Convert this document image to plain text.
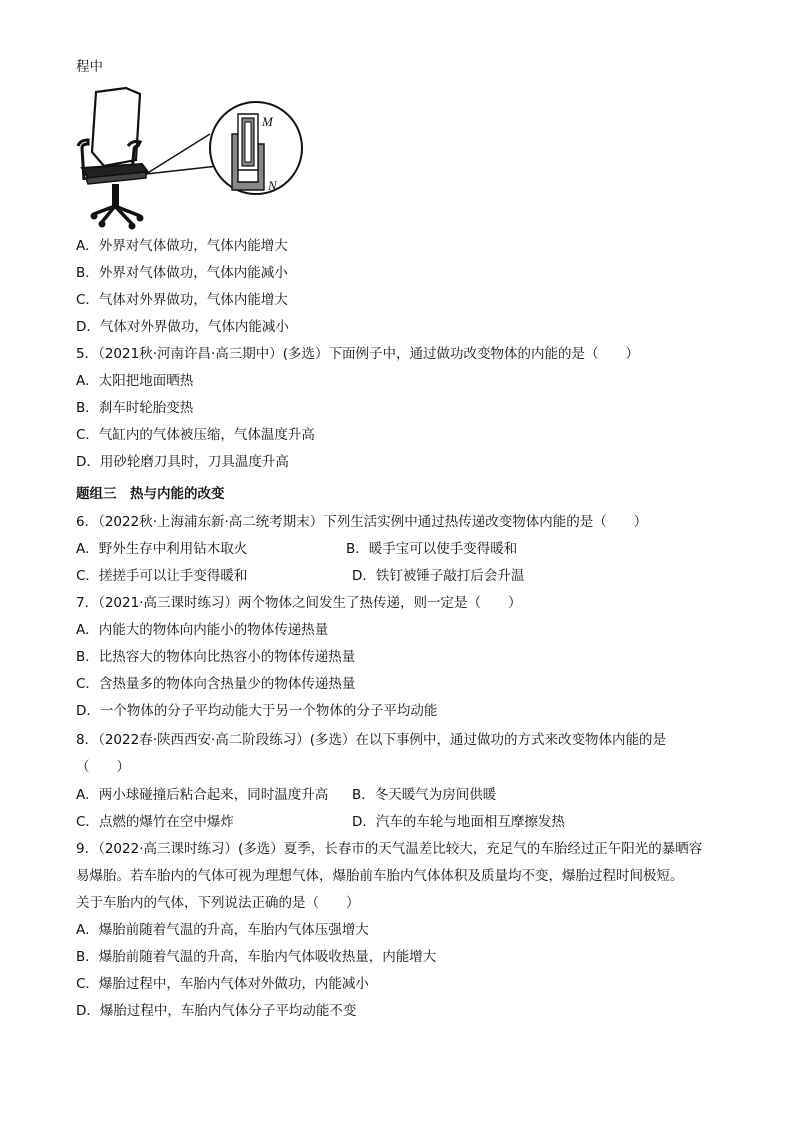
程中
M
N
A．外界对气体做功，气体内能增大
B．外界对气体做功，气体内能减小
C．气体对外界做功，气体内能增大
D．气体对外界做功，气体内能减小
5．（2021秋·河南许昌·高三期中）(多选）下面例子中，通过做功改变物体的内能的是（　　）
A．太阳把地面晒热
B．刹车时轮胎变热
C．气缸内的气体被压缩，气体温度升高
D．用砂轮磨刀具时，刀具温度升高
题组三　热与内能的改变
6．（2022秋·上海浦东新·高二统考期末）下列生活实例中通过热传递改变物体内能的是（　　）
A．野外生存中利用钻木取火	B．暖手宝可以使手变得暖和
C．搓搓手可以让手变得暖和	D．铁钉被锤子敲打后会升温
7．（2021·高三课时练习）两个物体之间发生了热传递，则一定是（　　）
A．内能大的物体向内能小的物体传递热量
B．比热容大的物体向比热容小的物体传递热量
C．含热量多的物体向含热量少的物体传递热量
D．一个物体的分子平均动能大于另一个物体的分子平均动能
8．（2022春·陕西西安·高二阶段练习）(多选）在以下事例中，通过做功的方式来改变物体内能的是
（　　）
A．两小球碰撞后粘合起来，同时温度升高 B．冬天暖气为房间供暖
C．点燃的爆竹在空中爆炸	D．汽车的车轮与地面相互摩擦发热
9．（2022·高三课时练习）(多选）夏季，长春市的天气温差比较大，充足气的车胎经过正午阳光的暴晒容
易爆胎。若车胎内的气体可视为理想气体，爆胎前车胎内气体体积及质量均不变，爆胎过程时间极短。
关于车胎内的气体，下列说法正确的是（　　）
A．爆胎前随着气温的升高，车胎内气体压强增大
B．爆胎前随着气温的升高，车胎内气体吸收热量，内能增大
C．爆胎过程中，车胎内气体对外做功，内能减小
D．爆胎过程中，车胎内气体分子平均动能不变
